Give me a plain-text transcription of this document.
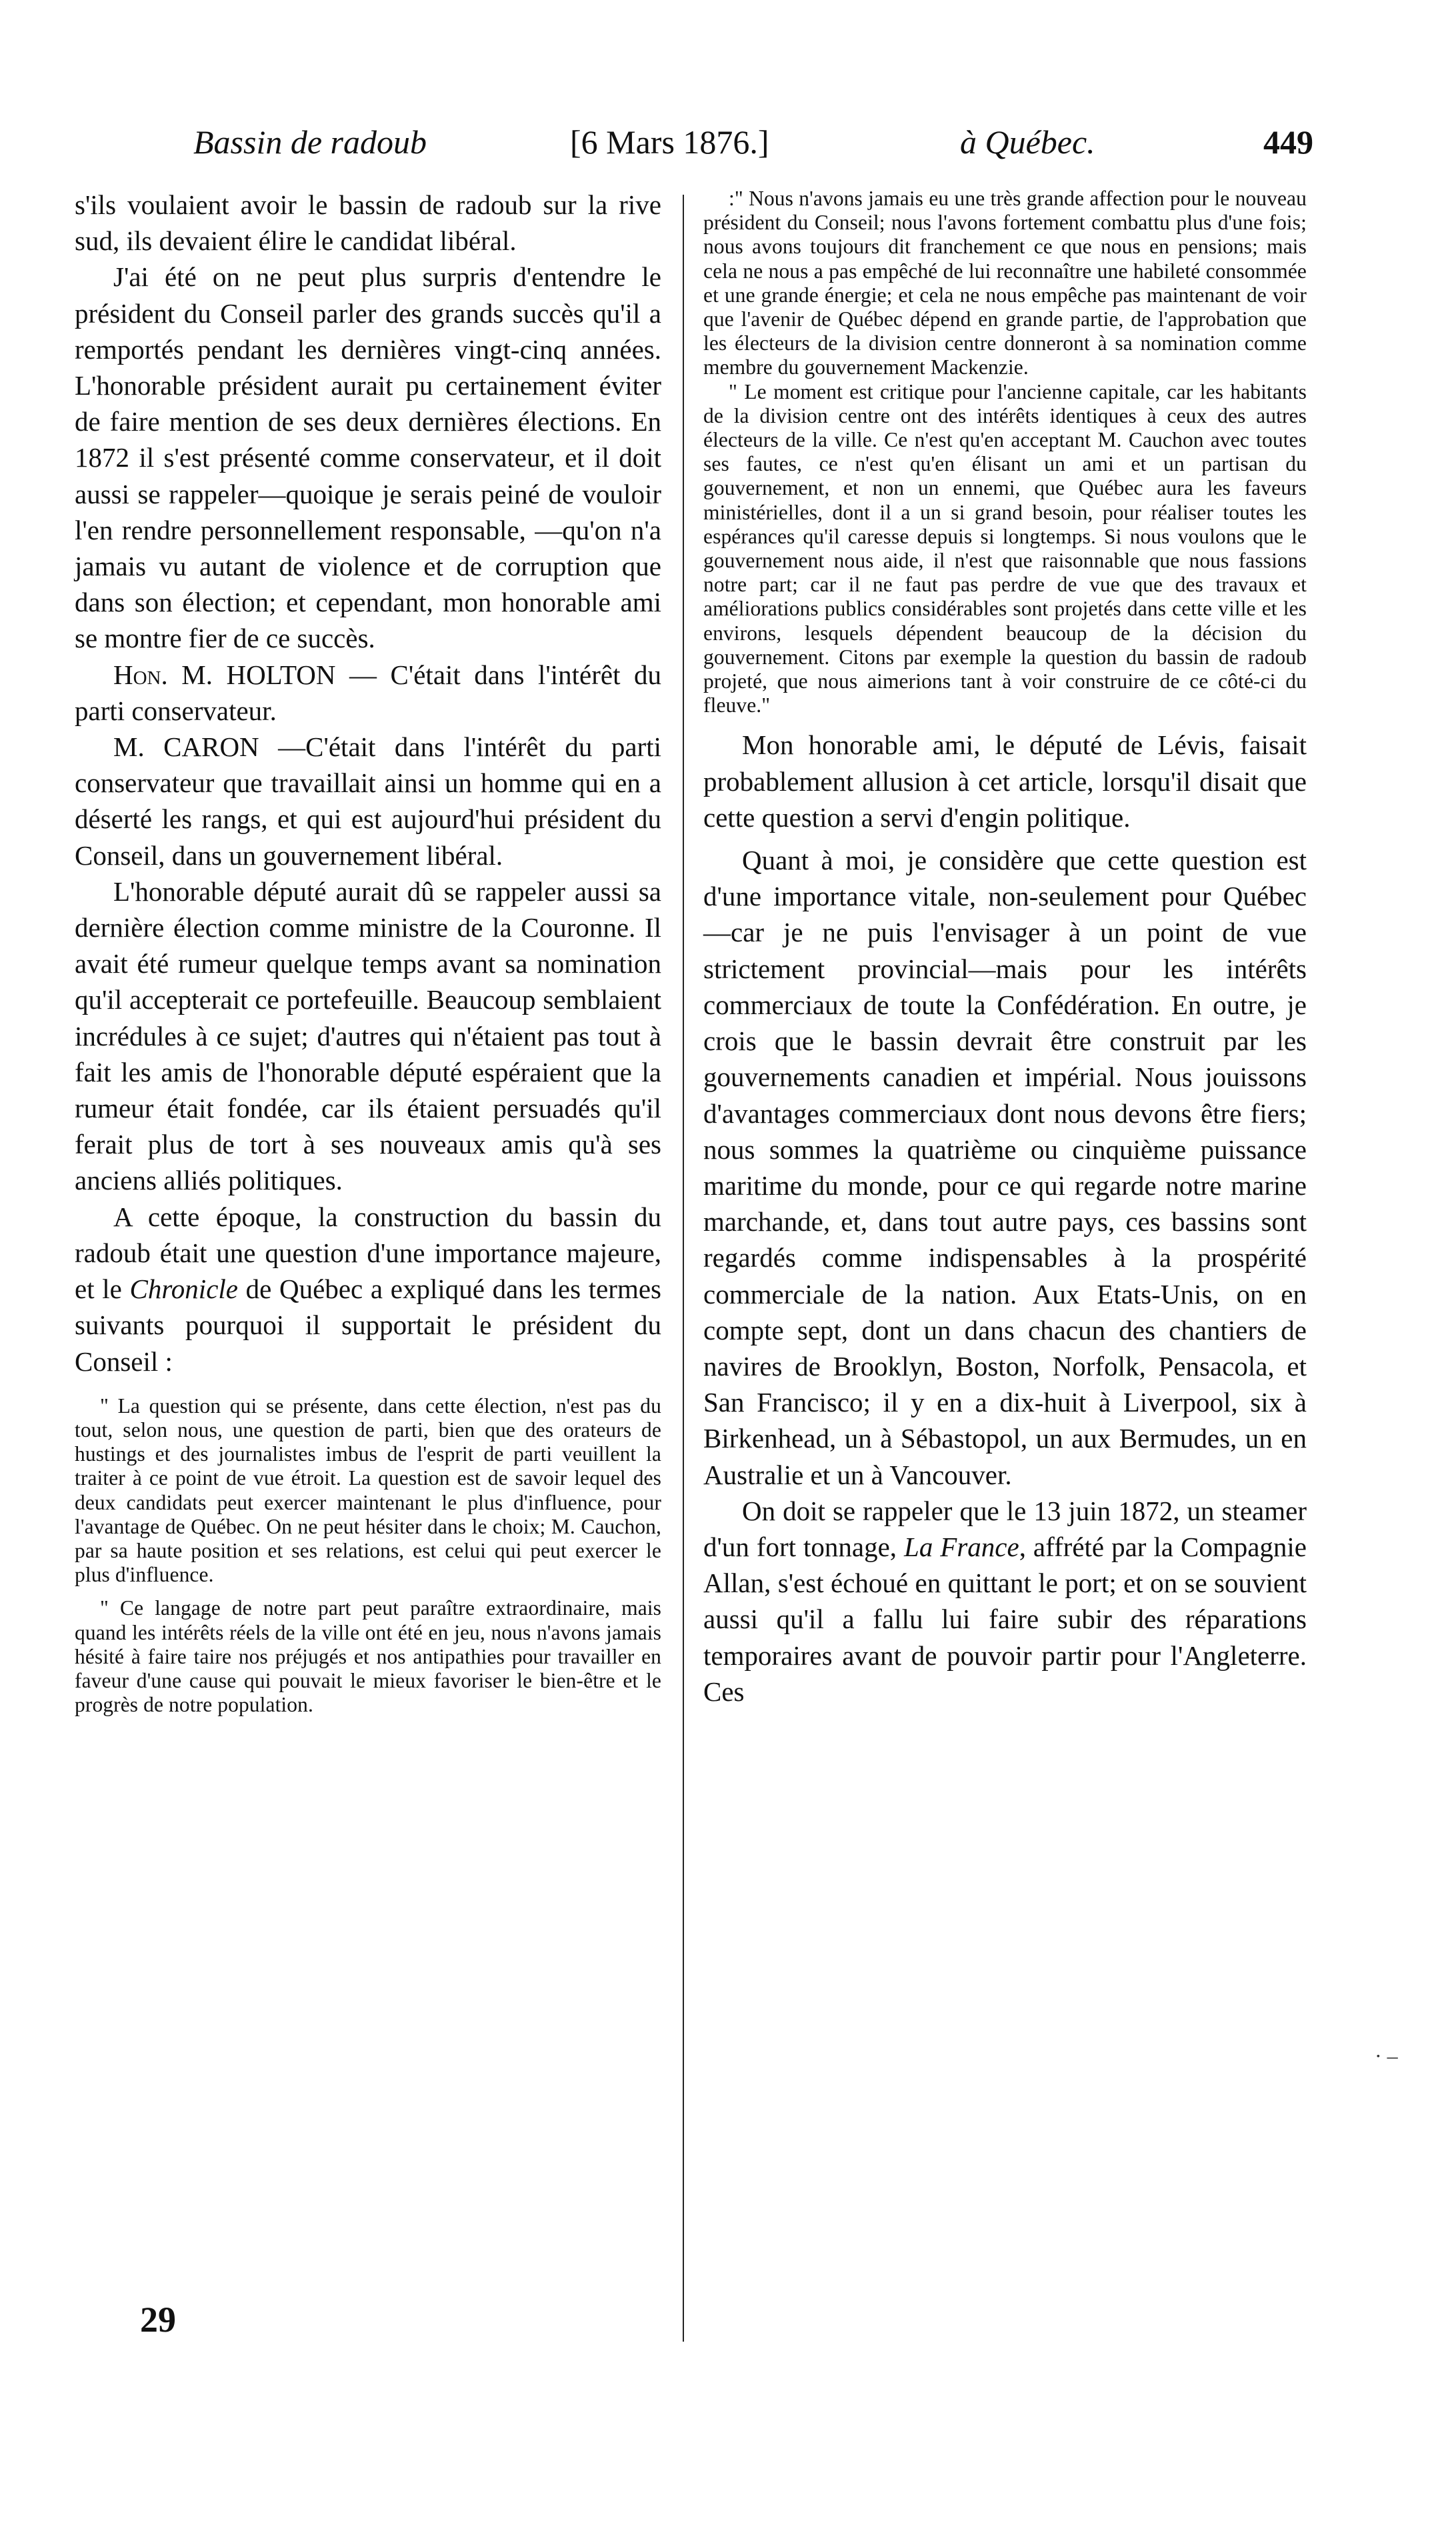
Bassin de radoub	[6 Mars 1876.]	à Québec.	449

s'ils voulaient avoir le bassin de radoub sur la rive sud, ils devaient élire le candidat libéral.

J'ai été on ne peut plus surpris d'entendre le président du Conseil parler des grands succès qu'il a remportés pendant les dernières vingt-cinq années. L'honorable président aurait pu certainement éviter de faire mention de ses deux dernières élections. En 1872 il s'est présenté comme conservateur, et il doit aussi se rappeler—quoique je serais peiné de vouloir l'en rendre personnellement responsable, —qu'on n'a jamais vu autant de violence et de corruption que dans son élection; et cependant, mon honorable ami se montre fier de ce succès.

Hon. M. HOLTON — C'était dans l'intérêt du parti conservateur.

M. CARON —C'était dans l'intérêt du parti conservateur que travaillait ainsi un homme qui en a déserté les rangs, et qui est aujourd'hui président du Conseil, dans un gouvernement libéral.

L'honorable député aurait dû se rappeler aussi sa dernière élection comme ministre de la Couronne. Il avait été rumeur quelque temps avant sa nomination qu'il accepterait ce portefeuille. Beaucoup semblaient incrédules à ce sujet; d'autres qui n'étaient pas tout à fait les amis de l'honorable député espéraient que la rumeur était fondée, car ils étaient persuadés qu'il ferait plus de tort à ses nouveaux amis qu'à ses anciens alliés politiques.

A cette époque, la construction du bassin du radoub était une question d'une importance majeure, et le Chronicle de Québec a expliqué dans les termes suivants pourquoi il supportait le président du Conseil :

" La question qui se présente, dans cette élection, n'est pas du tout, selon nous, une question de parti, bien que des orateurs de hustings et des journalistes imbus de l'esprit de parti veuillent la traiter à ce point de vue étroit. La question est de savoir lequel des deux candidats peut exercer maintenant le plus d'influence, pour l'avantage de Québec. On ne peut hésiter dans le choix; M. Cauchon, par sa haute position et ses relations, est celui qui peut exercer le plus d'influence.

" Ce langage de notre part peut paraître extraordinaire, mais quand les intérêts réels de la ville ont été en jeu, nous n'avons jamais hésité à faire taire nos préjugés et nos antipathies pour travailler en faveur d'une cause qui pouvait le mieux favoriser le bien-être et le progrès de notre population.

:" Nous n'avons jamais eu une très grande affection pour le nouveau président du Conseil; nous l'avons fortement combattu plus d'une fois; nous avons toujours dit franchement ce que nous en pensions; mais cela ne nous a pas empêché de lui reconnaître une habileté consommée et une grande énergie; et cela ne nous empêche pas maintenant de voir que l'avenir de Québec dépend en grande partie, de l'approbation que les électeurs de la division centre donneront à sa nomination comme membre du gouvernement Mackenzie.

" Le moment est critique pour l'ancienne capitale, car les habitants de la division centre ont des intérêts identiques à ceux des autres électeurs de la ville. Ce n'est qu'en acceptant M. Cauchon avec toutes ses fautes, ce n'est qu'en élisant un ami et un partisan du gouvernement, et non un ennemi, que Québec aura les faveurs ministérielles, dont il a un si grand besoin, pour réaliser toutes les espérances qu'il caresse depuis si longtemps. Si nous voulons que le gouvernement nous aide, il n'est que raisonnable que nous fassions notre part; car il ne faut pas perdre de vue que des travaux et améliorations publics considérables sont projetés dans cette ville et les environs, lesquels dépendent beaucoup de la décision du gouvernement. Citons par exemple la question du bassin de radoub projeté, que nous aimerions tant à voir construire de ce côté-ci du fleuve."

Mon honorable ami, le député de Lévis, faisait probablement allusion à cet article, lorsqu'il disait que cette question a servi d'engin politique.

Quant à moi, je considère que cette question est d'une importance vitale, non-seulement pour Québec—car je ne puis l'envisager à un point de vue strictement provincial—mais pour les intérêts commerciaux de toute la Confédération. En outre, je crois que le bassin devrait être construit par les gouvernements canadien et impérial. Nous jouissons d'avantages commerciaux dont nous devons être fiers; nous sommes la quatrième ou cinquième puissance maritime du monde, pour ce qui regarde notre marine marchande, et, dans tout autre pays, ces bassins sont regardés comme indispensables à la prospérité commerciale de la nation. Aux Etats-Unis, on en compte sept, dont un dans chacun des chantiers de navires de Brooklyn, Boston, Norfolk, Pensacola, et San Francisco; il y en a dix-huit à Liverpool, six à Birkenhead, un à Sébastopol, un aux Bermudes, un en Australie et un à Vancouver.

On doit se rappeler que le 13 juin 1872, un steamer d'un fort tonnage, La France, affrété par la Compagnie Allan, s'est échoué en quittant le port; et on se souvient aussi qu'il a fallu lui faire subir des réparations temporaires avant de pouvoir partir pour l'Angleterre. Ces

29
· –
